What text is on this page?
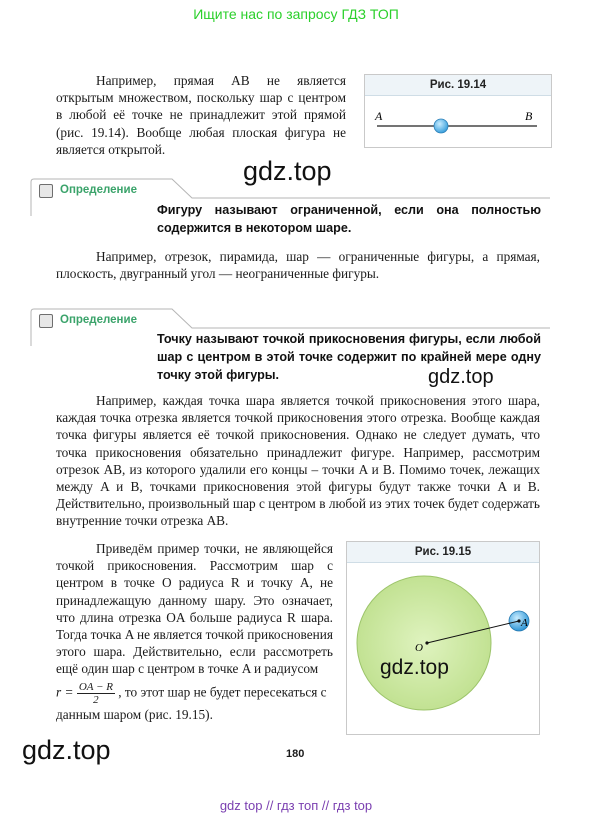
Ищите нас по запросу ГДЗ ТОП
Например, прямая AB не является открытым множеством, поскольку шар с центром в любой её точке не принадлежит этой прямой (рис. 19.14). Вообще любая плоская фигура не является открытой.
Рис. 19.14
A	B
gdz.top
Определение
Фигуру называют ограниченной, если она полностью содержится в некотором шаре.
Например, отрезок, пирамида, шар — ограниченные фигуры, а прямая, плоскость, двугранный угол — неограниченные фигуры.
Определение
Точку называют точкой прикосновения фигуры, если любой шар с центром в этой точке содержит по крайней мере одну точку этой фигуры.	gdz.top
Например, каждая точка шара является точкой прикосновения этого шара, каждая точка отрезка является точкой прикосновения этого отрезка. Вообще каждая точка фигуры является её точкой прикосновения. Однако не следует думать, что точка прикосновения обязательно принадлежит фигуре. Например, рассмотрим отрезок AB, из которого удалили его концы – точки A и B. Помимо точек, лежащих между A и B, точками прикосновения этой фигуры будут также точки A и B. Действительно, произвольный шар с центром в любой из этих точек будет содержать внутренние точки отрезка AB.
Приведём пример точки, не являющейся точкой прикосновения. Рассмотрим шар с центром в точке O радиуса R и точку A, не принадлежащую данному шару. Это означает, что длина отрезка OA больше радиуса R шара. Тогда точка A не является точкой прикосновения этого шара. Действительно, если рассмотреть ещё один шар с центром в точке A и радиусом
$r = \frac{OA - R}{2}$ , то этот шар не будет пересекаться с данным шаром (рис. 19.15).
Рис. 19.15
O
A
gdz.top
gdz.top	180
gdz top // гдз топ // гдз top
